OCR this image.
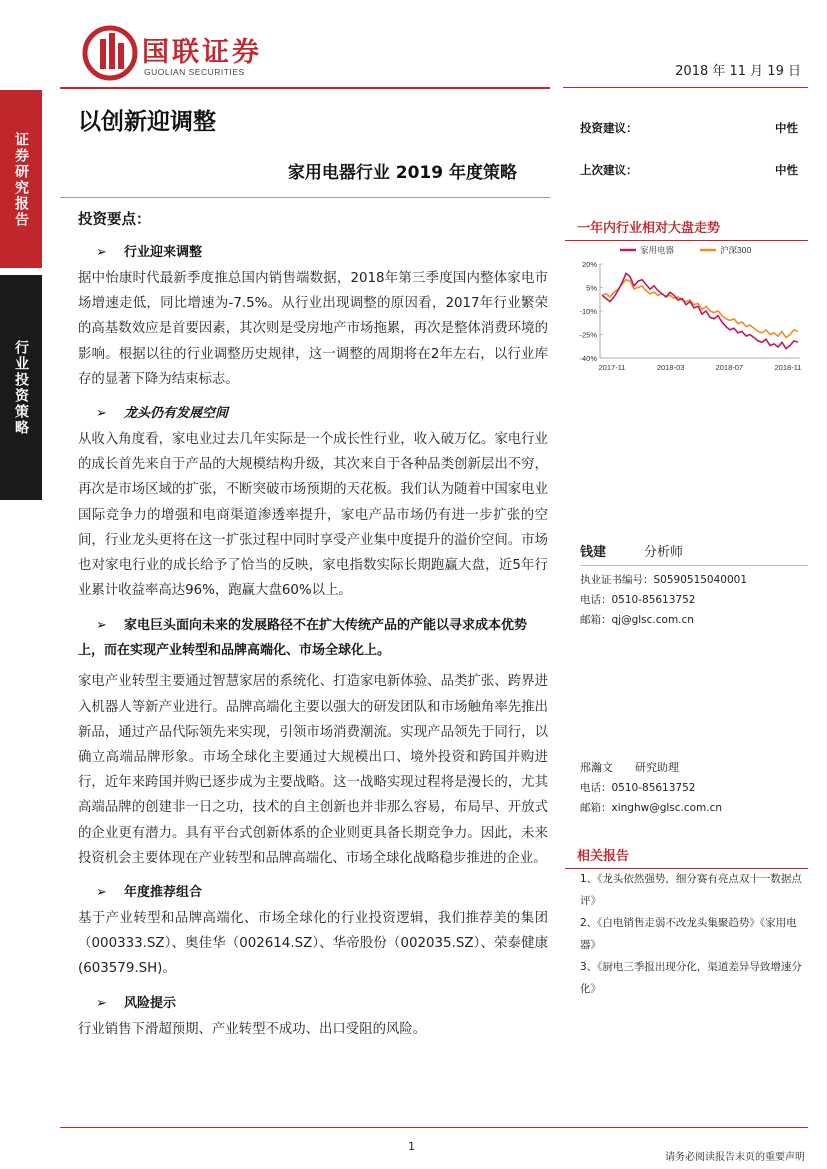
国联证券
GUOLIAN SECURITIES	2018 年 11 月 19 日
证券研究报告
行业投资策略
以创新迎调整
家用电器行业 2019 年度策略
投资建议：	中性
上次建议：	中性
一年内行业相对大盘走势
家用电器	沪深300
20%
5%
-10%
-25%
-40%
2017-11	2018-03	2018-07	2018-11
钱建	分析师
执业证书编号：S0590515040001
电话：0510-85613752
邮箱：qj@glsc.com.cn
邢瀚文 研究助理
电话：0510-85613752
邮箱：xinghw@glsc.com.cn
相关报告
1、《龙头依然强势，细分赛有亮点双十一数据点评》
2、《白电销售走弱不改龙头集聚趋势》《家用电器》
3、《厨电三季报出现分化，渠道差异导致增速分化》
投资要点：
➢ 行业迎来调整
据中怡康时代最新季度推总国内销售端数据，2018年第三季度国内整体家电市场增速走低，同比增速为-7.5%。从行业出现调整的原因看，2017年行业繁荣的高基数效应是首要因素，其次则是受房地产市场拖累，再次是整体消费环境的影响。根据以往的行业调整历史规律，这一调整的周期将在2年左右，以行业库存的显著下降为结束标志。
➢ 龙头仍有发展空间
从收入角度看，家电业过去几年实际是一个成长性行业，收入破万亿。家电行业的成长首先来自于产品的大规模结构升级，其次来自于各种品类创新层出不穷，再次是市场区域的扩张，不断突破市场预期的天花板。我们认为随着中国家电业国际竞争力的增强和电商渠道渗透率提升，家电产品市场仍有进一步扩张的空间，行业龙头更将在这一扩张过程中同时享受产业集中度提升的溢价空间。市场也对家电行业的成长给予了恰当的反映，家电指数实际长期跑赢大盘，近5年行业累计收益率高达96%，跑赢大盘60%以上。
➢ 家电巨头面向未来的发展路径不在扩大传统产品的产能以寻求成本优势上，而在实现产业转型和品牌高端化、市场全球化上。
家电产业转型主要通过智慧家居的系统化、打造家电新体验、品类扩张、跨界进入机器人等新产业进行。品牌高端化主要以强大的研发团队和市场触角率先推出新品，通过产品代际领先来实现，引领市场消费潮流。实现产品领先于同行，以确立高端品牌形象。市场全球化主要通过大规模出口、境外投资和跨国并购进行，近年来跨国并购已逐步成为主要战略。这一战略实现过程将是漫长的，尤其高端品牌的创建非一日之功，技术的自主创新也并非那么容易，布局早、开放式的企业更有潜力。具有平台式创新体系的企业则更具备长期竞争力。因此，未来投资机会主要体现在产业转型和品牌高端化、市场全球化战略稳步推进的企业。
➢ 年度推荐组合
基于产业转型和品牌高端化、市场全球化的行业投资逻辑，我们推荐美的集团（000333.SZ）、奥佳华（002614.SZ）、华帝股份（002035.SZ）、荣泰健康(603579.SH)。
➢ 风险提示
行业销售下滑超预期、产业转型不成功、出口受阻的风险。
1
请务必阅读报告末页的重要声明
